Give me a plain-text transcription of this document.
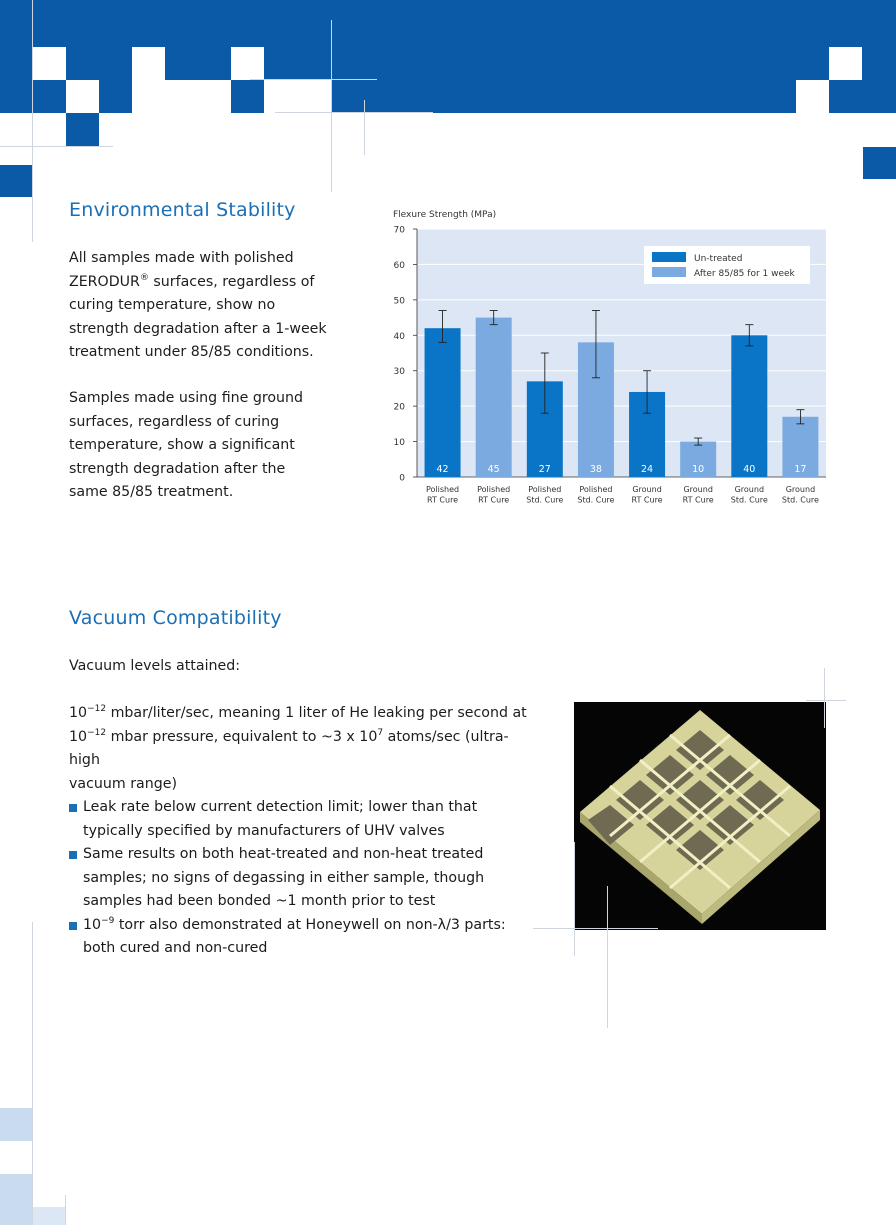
Environmental Stability

All samples made with polished ZERODUR® surfaces, regardless of curing temperature, show no strength degradation after a 1-week treatment under 85/85 conditions.

Samples made using fine ground surfaces, regardless of curing temperature, show a significant strength degradation after the same 85/85 treatment.

0
10
20
30
40
50
60
70
Flexure Strength (MPa)
42
Polished
RT Cure
45
Polished
RT Cure
27
Polished
Std. Cure
38
Polished
Std. Cure
24
Ground
RT Cure
10
Ground
RT Cure
40
Ground
Std. Cure
17
Ground
Std. Cure
Un-treated
After 85/85 for 1 week
Vacuum Compatibility

Vacuum levels attained:

$10^{-12}$ mbar/liter/sec, meaning 1 liter of He leaking per second at

$10^{-12}$ mbar pressure, equivalent to ~3 x $10^7$ atoms/sec (ultra-high

vacuum range)

Leak rate below current detection limit; lower than that typically specified by manufacturers of UHV valves
Same results on both heat-treated and non-heat treated samples; no signs of degassing in either sample, though samples had been bonded ~1 month prior to test
$10^{-9}$ torr also demonstrated at Honeywell on non-λ/3 parts: both cured and non-cured
